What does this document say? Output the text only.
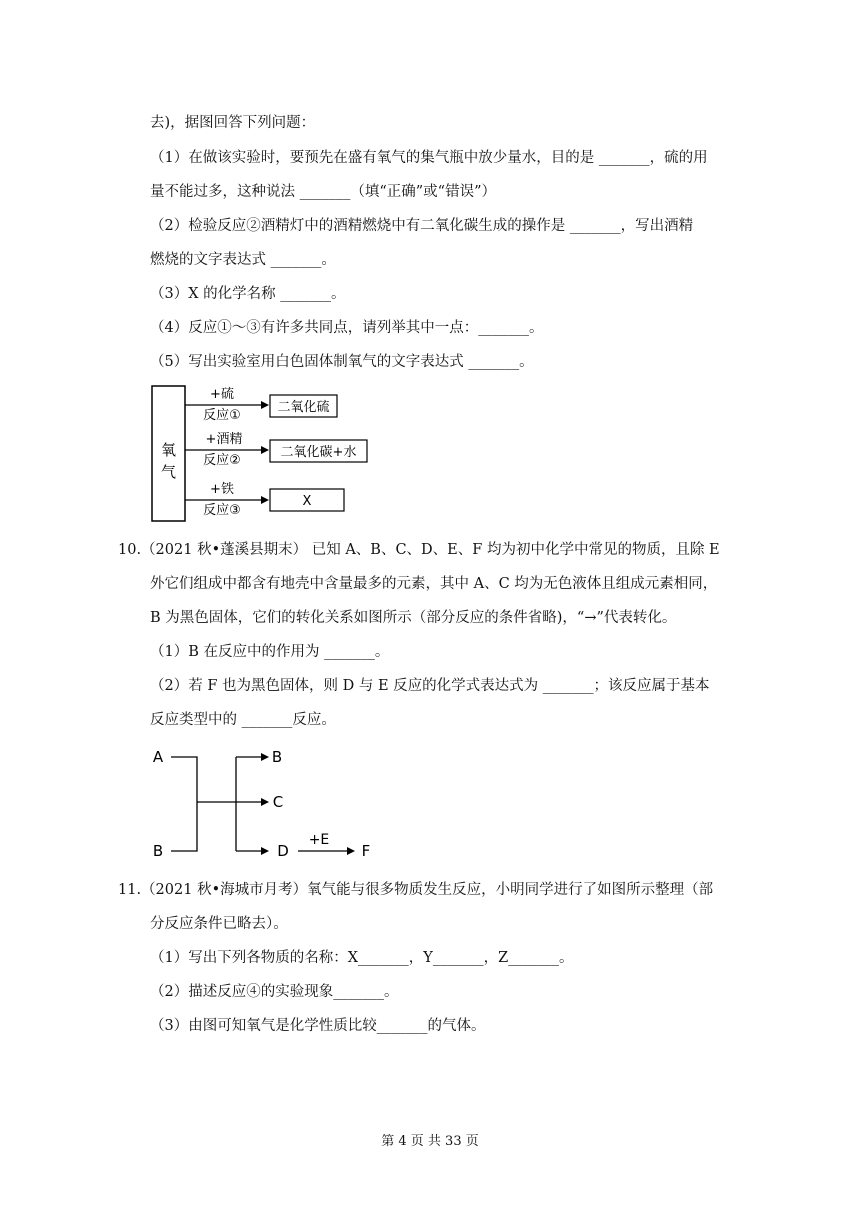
去)，据图回答下列问题：
（1）在做该实验时，要预先在盛有氧气的集气瓶中放少量水，目的是 _______，硫的用
量不能过多，这种说法 _______（填“正确”或“错误”）
（2）检验反应②酒精灯中的酒精燃烧中有二氧化碳生成的操作是 _______，写出酒精
燃烧的文字表达式 _______。
（3）X 的化学名称 _______。
（4）反应①～③有许多共同点，请列举其中一点：_______。
（5）写出实验室用白色固体制氧气的文字表达式 _______。
氧
气
+硫
反应①
二氧化硫
+酒精
反应②
二氧化碳+水
+铁
反应③
X
10.（2021 秋•蓬溪县期末） 已知 A、B、C、D、E、F 均为初中化学中常见的物质，且除 E
外它们组成中都含有地壳中含量最多的元素，其中 A、C 均为无色液体且组成元素相同，
B 为黑色固体，它们的转化关系如图所示（部分反应的条件省略)，“→”代表转化。
（1）B 在反应中的作用为 _______。
（2）若 F 也为黑色固体，则 D 与 E 反应的化学式表达式为 _______；该反应属于基本
反应类型中的 _______反应。
A
B
B
C
D
+E
F
11.（2021 秋•海城市月考）氧气能与很多物质发生反应，小明同学进行了如图所示整理（部
分反应条件已略去）。
（1）写出下列各物质的名称：X_______，Y_______，Z_______。
（2）描述反应④的实验现象_______。
（3）由图可知氧气是化学性质比较_______的气体。
第 4 页 共 33 页
